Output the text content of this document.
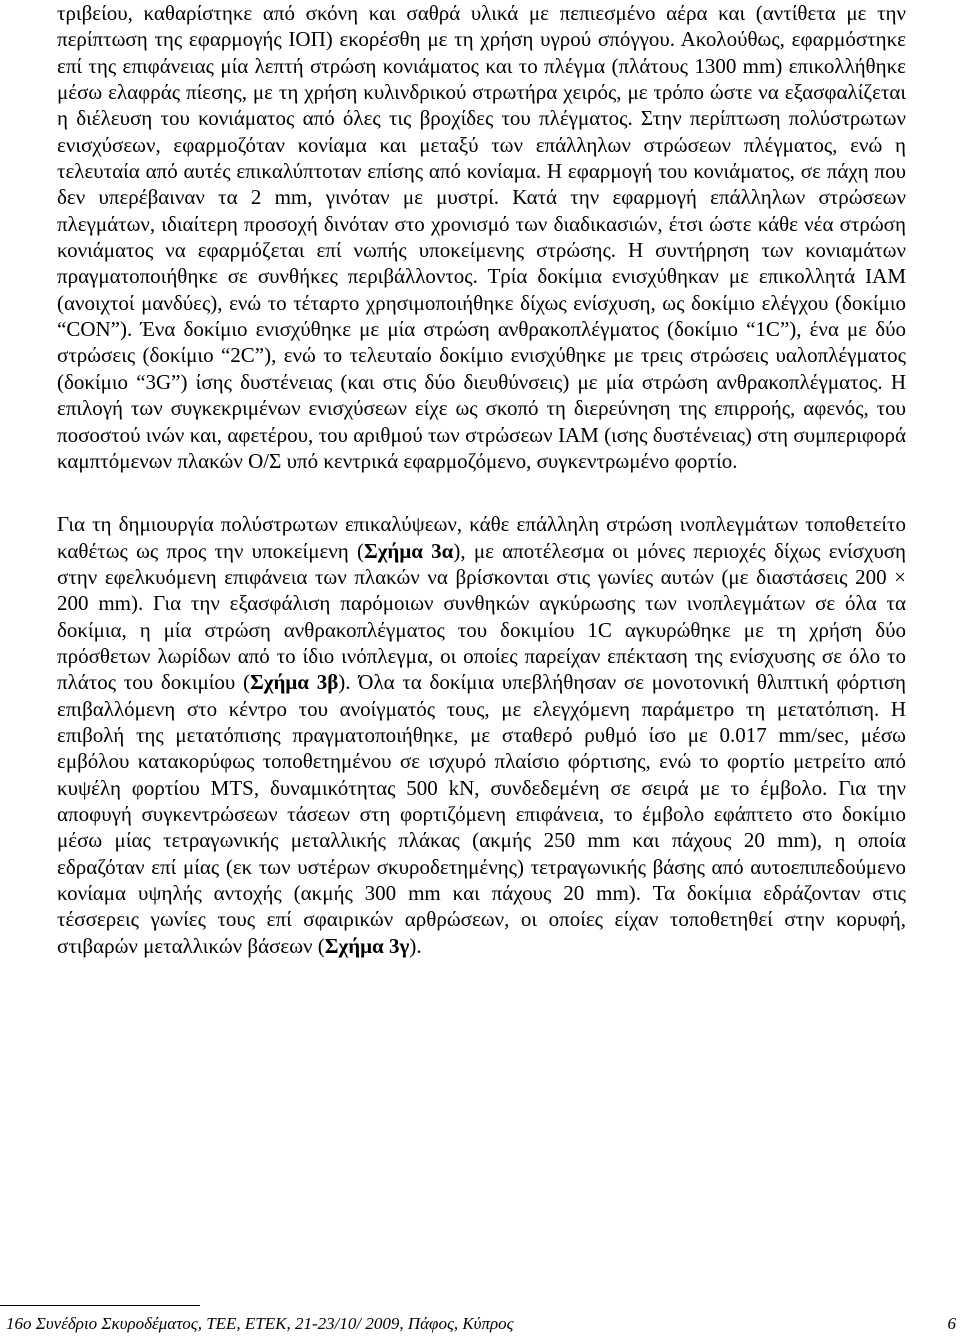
τριβείου, καθαρίστηκε από σκόνη και σαθρά υλικά με πεπιεσμένο αέρα και (αντίθετα με την περίπτωση της εφαρμογής ΙΟΠ) εκορέσθη με τη χρήση υγρού σπόγγου. Ακολούθως, εφαρμόστηκε επί της επιφάνειας μία λεπτή στρώση κονιάματος και το πλέγμα (πλάτους 1300 mm) επικολλήθηκε μέσω ελαφράς πίεσης, με τη χρήση κυλινδρικού στρωτήρα χειρός, με τρόπο ώστε να εξασφαλίζεται η διέλευση του κονιάματος από όλες τις βροχίδες του πλέγματος. Στην περίπτωση πολύστρωτων ενισχύσεων, εφαρμοζόταν κονίαμα και μεταξύ των επάλληλων στρώσεων πλέγματος, ενώ η τελευταία από αυτές επικαλύπτοταν επίσης από κονίαμα. Η εφαρμογή του κονιάματος, σε πάχη που δεν υπερέβαιναν τα 2 mm, γινόταν με μυστρί. Κατά την εφαρμογή επάλληλων στρώσεων πλεγμάτων, ιδιαίτερη προσοχή δινόταν στο χρονισμό των διαδικασιών, έτσι ώστε κάθε νέα στρώση κονιάματος να εφαρμόζεται επί νωπής υποκείμενης στρώσης. Η συντήρηση των κονιαμάτων πραγματοποιήθηκε σε συνθήκες περιβάλλοντος. Τρία δοκίμια ενισχύθηκαν με επικολλητά ΙΑΜ (ανοιχτοί μανδύες), ενώ το τέταρτο χρησιμοποιήθηκε δίχως ενίσχυση, ως δοκίμιο ελέγχου (δοκίμιο “CON”). Ένα δοκίμιο ενισχύθηκε με μία στρώση ανθρακοπλέγματος (δοκίμιο “1C”), ένα με δύο στρώσεις (δοκίμιο “2C”), ενώ το τελευταίο δοκίμιο ενισχύθηκε με τρεις στρώσεις υαλοπλέγματος (δοκίμιο “3G”) ίσης δυστένειας (και στις δύο διευθύνσεις) με μία στρώση ανθρακοπλέγματος. Η επιλογή των συγκεκριμένων ενισχύσεων είχε ως σκοπό τη διερεύνηση της επιρροής, αφενός, του ποσοστού ινών και, αφετέρου, του αριθμού των στρώσεων ΙΑΜ (ισης δυστένειας) στη συμπεριφορά καμπτόμενων πλακών Ο/Σ υπό κεντρικά εφαρμοζόμενο, συγκεντρωμένο φορτίο.

Για τη δημιουργία πολύστρωτων επικαλύψεων, κάθε επάλληλη στρώση ινοπλεγμάτων τοποθετείτο καθέτως ως προς την υποκείμενη (Σχήμα 3α), με αποτέλεσμα οι μόνες περιοχές δίχως ενίσχυση στην εφελκυόμενη επιφάνεια των πλακών να βρίσκονται στις γωνίες αυτών (με διαστάσεις 200 × 200 mm). Για την εξασφάλιση παρόμοιων συνθηκών αγκύρωσης των ινοπλεγμάτων σε όλα τα δοκίμια, η μία στρώση ανθρακοπλέγματος του δοκιμίου 1C αγκυρώθηκε με τη χρήση δύο πρόσθετων λωρίδων από το ίδιο ινόπλεγμα, οι οποίες παρείχαν επέκταση της ενίσχυσης σε όλο το πλάτος του δοκιμίου (Σχήμα 3β). Όλα τα δοκίμια υπεβλήθησαν σε μονοτονική θλιπτική φόρτιση επιβαλλόμενη στο κέντρο του ανοίγματός τους, με ελεγχόμενη παράμετρο τη μετατόπιση. Η επιβολή της μετατόπισης πραγματοποιήθηκε, με σταθερό ρυθμό ίσο με 0.017 mm/sec, μέσω εμβόλου κατακορύφως τοποθετημένου σε ισχυρό πλαίσιο φόρτισης, ενώ το φορτίο μετρείτο από κυψέλη φορτίου MTS, δυναμικότητας 500 kN, συνδεδεμένη σε σειρά με το έμβολο. Για την αποφυγή συγκεντρώσεων τάσεων στη φορτιζόμενη επιφάνεια, το έμβολο εφάπτετο στο δοκίμιο μέσω μίας τετραγωνικής μεταλλικής πλάκας (ακμής 250 mm και πάχους 20 mm), η οποία εδραζόταν επί μίας (εκ των υστέρων σκυροδετημένης) τετραγωνικής βάσης από αυτοεπιπεδούμενο κονίαμα υψηλής αντοχής (ακμής 300 mm και πάχους 20 mm). Τα δοκίμια εδράζονταν στις τέσσερεις γωνίες τους επί σφαιρικών αρθρώσεων, οι οποίες είχαν τοποθετηθεί στην κορυφή, στιβαρών μεταλλικών βάσεων (Σχήμα 3γ).

16ο Συνέδριο Σκυροδέματος, ΤΕΕ, ΕΤΕΚ, 21-23/10/ 2009, Πάφος, Κύπρος	6
